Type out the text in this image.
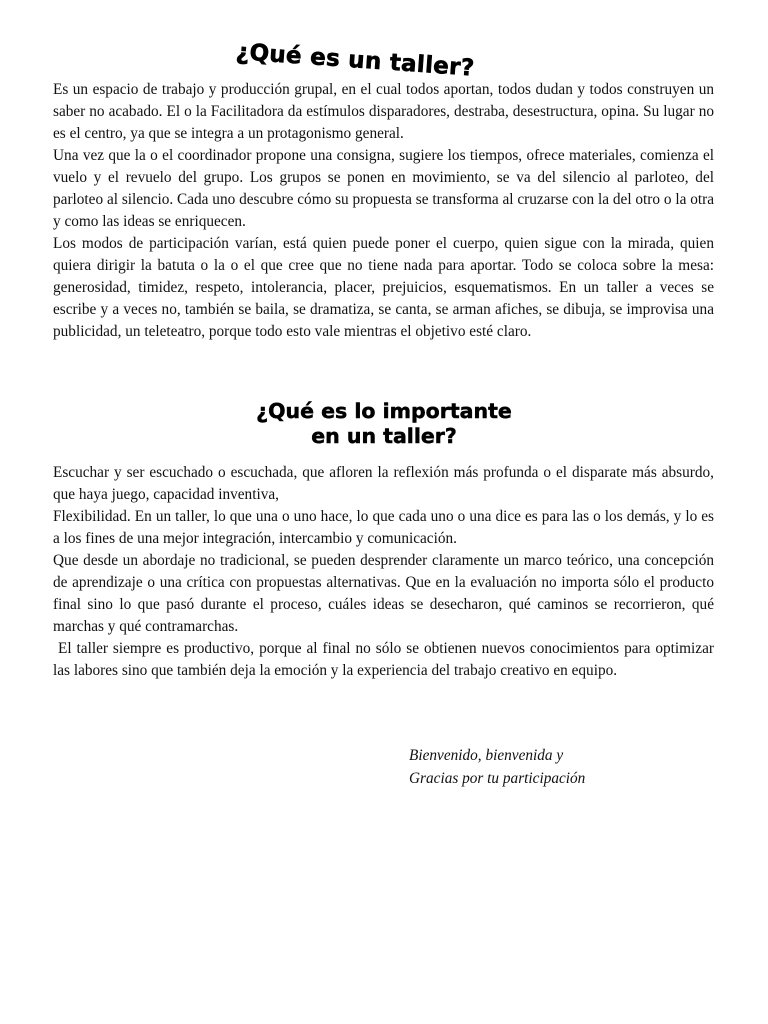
¿Qué es un taller?

Es un espacio de trabajo y producción grupal, en el cual todos aportan, todos dudan y todos construyen un saber no acabado. El o la Facilitadora da estímulos disparadores, destraba, desestructura, opina. Su lugar no es el centro, ya que se integra a un protagonismo general.

Una vez que la o el coordinador propone una consigna, sugiere los tiempos, ofrece materiales, comienza el vuelo y el revuelo del grupo. Los grupos se ponen en movimiento, se va del silencio al parloteo, del parloteo al silencio. Cada uno descubre cómo su propuesta se transforma al cruzarse con la del otro o la otra y como las ideas se enriquecen.

Los modos de participación varían, está quien puede poner el cuerpo, quien sigue con la mirada, quien quiera dirigir la batuta o la o el que cree que no tiene nada para aportar. Todo se coloca sobre la mesa: generosidad, timidez, respeto, intolerancia, placer, prejuicios, esquematismos. En un taller a veces se escribe y a veces no, también se baila, se dramatiza, se canta, se arman afiches, se dibuja, se improvisa una publicidad, un teleteatro, porque todo esto vale mientras el objetivo esté claro.

¿Qué es lo importante
en un taller?

Escuchar y ser escuchado o escuchada, que afloren la reflexión más profunda o el disparate más absurdo, que haya juego, capacidad inventiva,

Flexibilidad. En un taller, lo que una o uno hace, lo que cada uno o una dice es para las o los demás, y lo es a los fines de una mejor integración, intercambio y comunicación.

Que desde un abordaje no tradicional, se pueden desprender claramente un marco teórico, una concepción de aprendizaje o una crítica con propuestas alternativas. Que en la evaluación no importa sólo el producto final sino lo que pasó durante el proceso, cuáles ideas se desecharon, qué caminos se recorrieron, qué marchas y qué contramarchas.

El taller siempre es productivo, porque al final no sólo se obtienen nuevos conocimientos para optimizar las labores sino que también deja la emoción y la experiencia del trabajo creativo en equipo.

Bienvenido, bienvenida y
Gracias por tu participación
